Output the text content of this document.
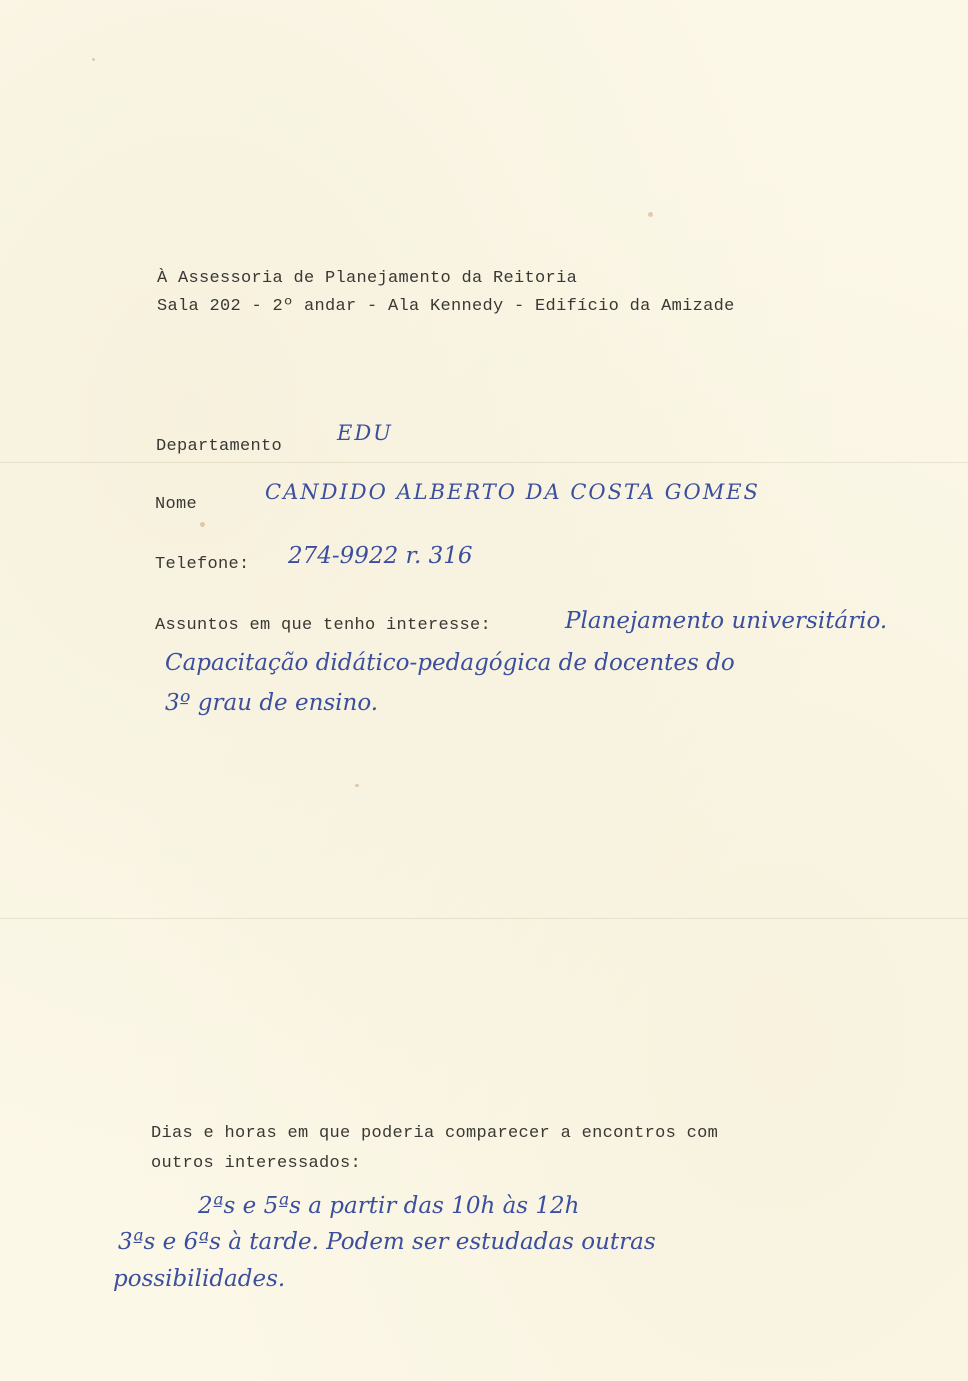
À Assessoria de Planejamento da Reitoria
Sala 202 - 2º andar - Ala Kennedy - Edifício da Amizade
Departamento
EDU
Nome
CANDIDO ALBERTO DA COSTA GOMES
Telefone: 274-9922 r. 316
Assuntos em que tenho interesse:	Planejamento universitário.
Capacitação didático-pedagógica de docentes do
3º grau de ensino.
Dias e horas em que poderia comparecer a encontros com
outros interessados:
2ªs e 5ªs a partir das 10h às 12h
3ªs e 6ªs à tarde. Podem ser estudadas outras
possibilidades.
